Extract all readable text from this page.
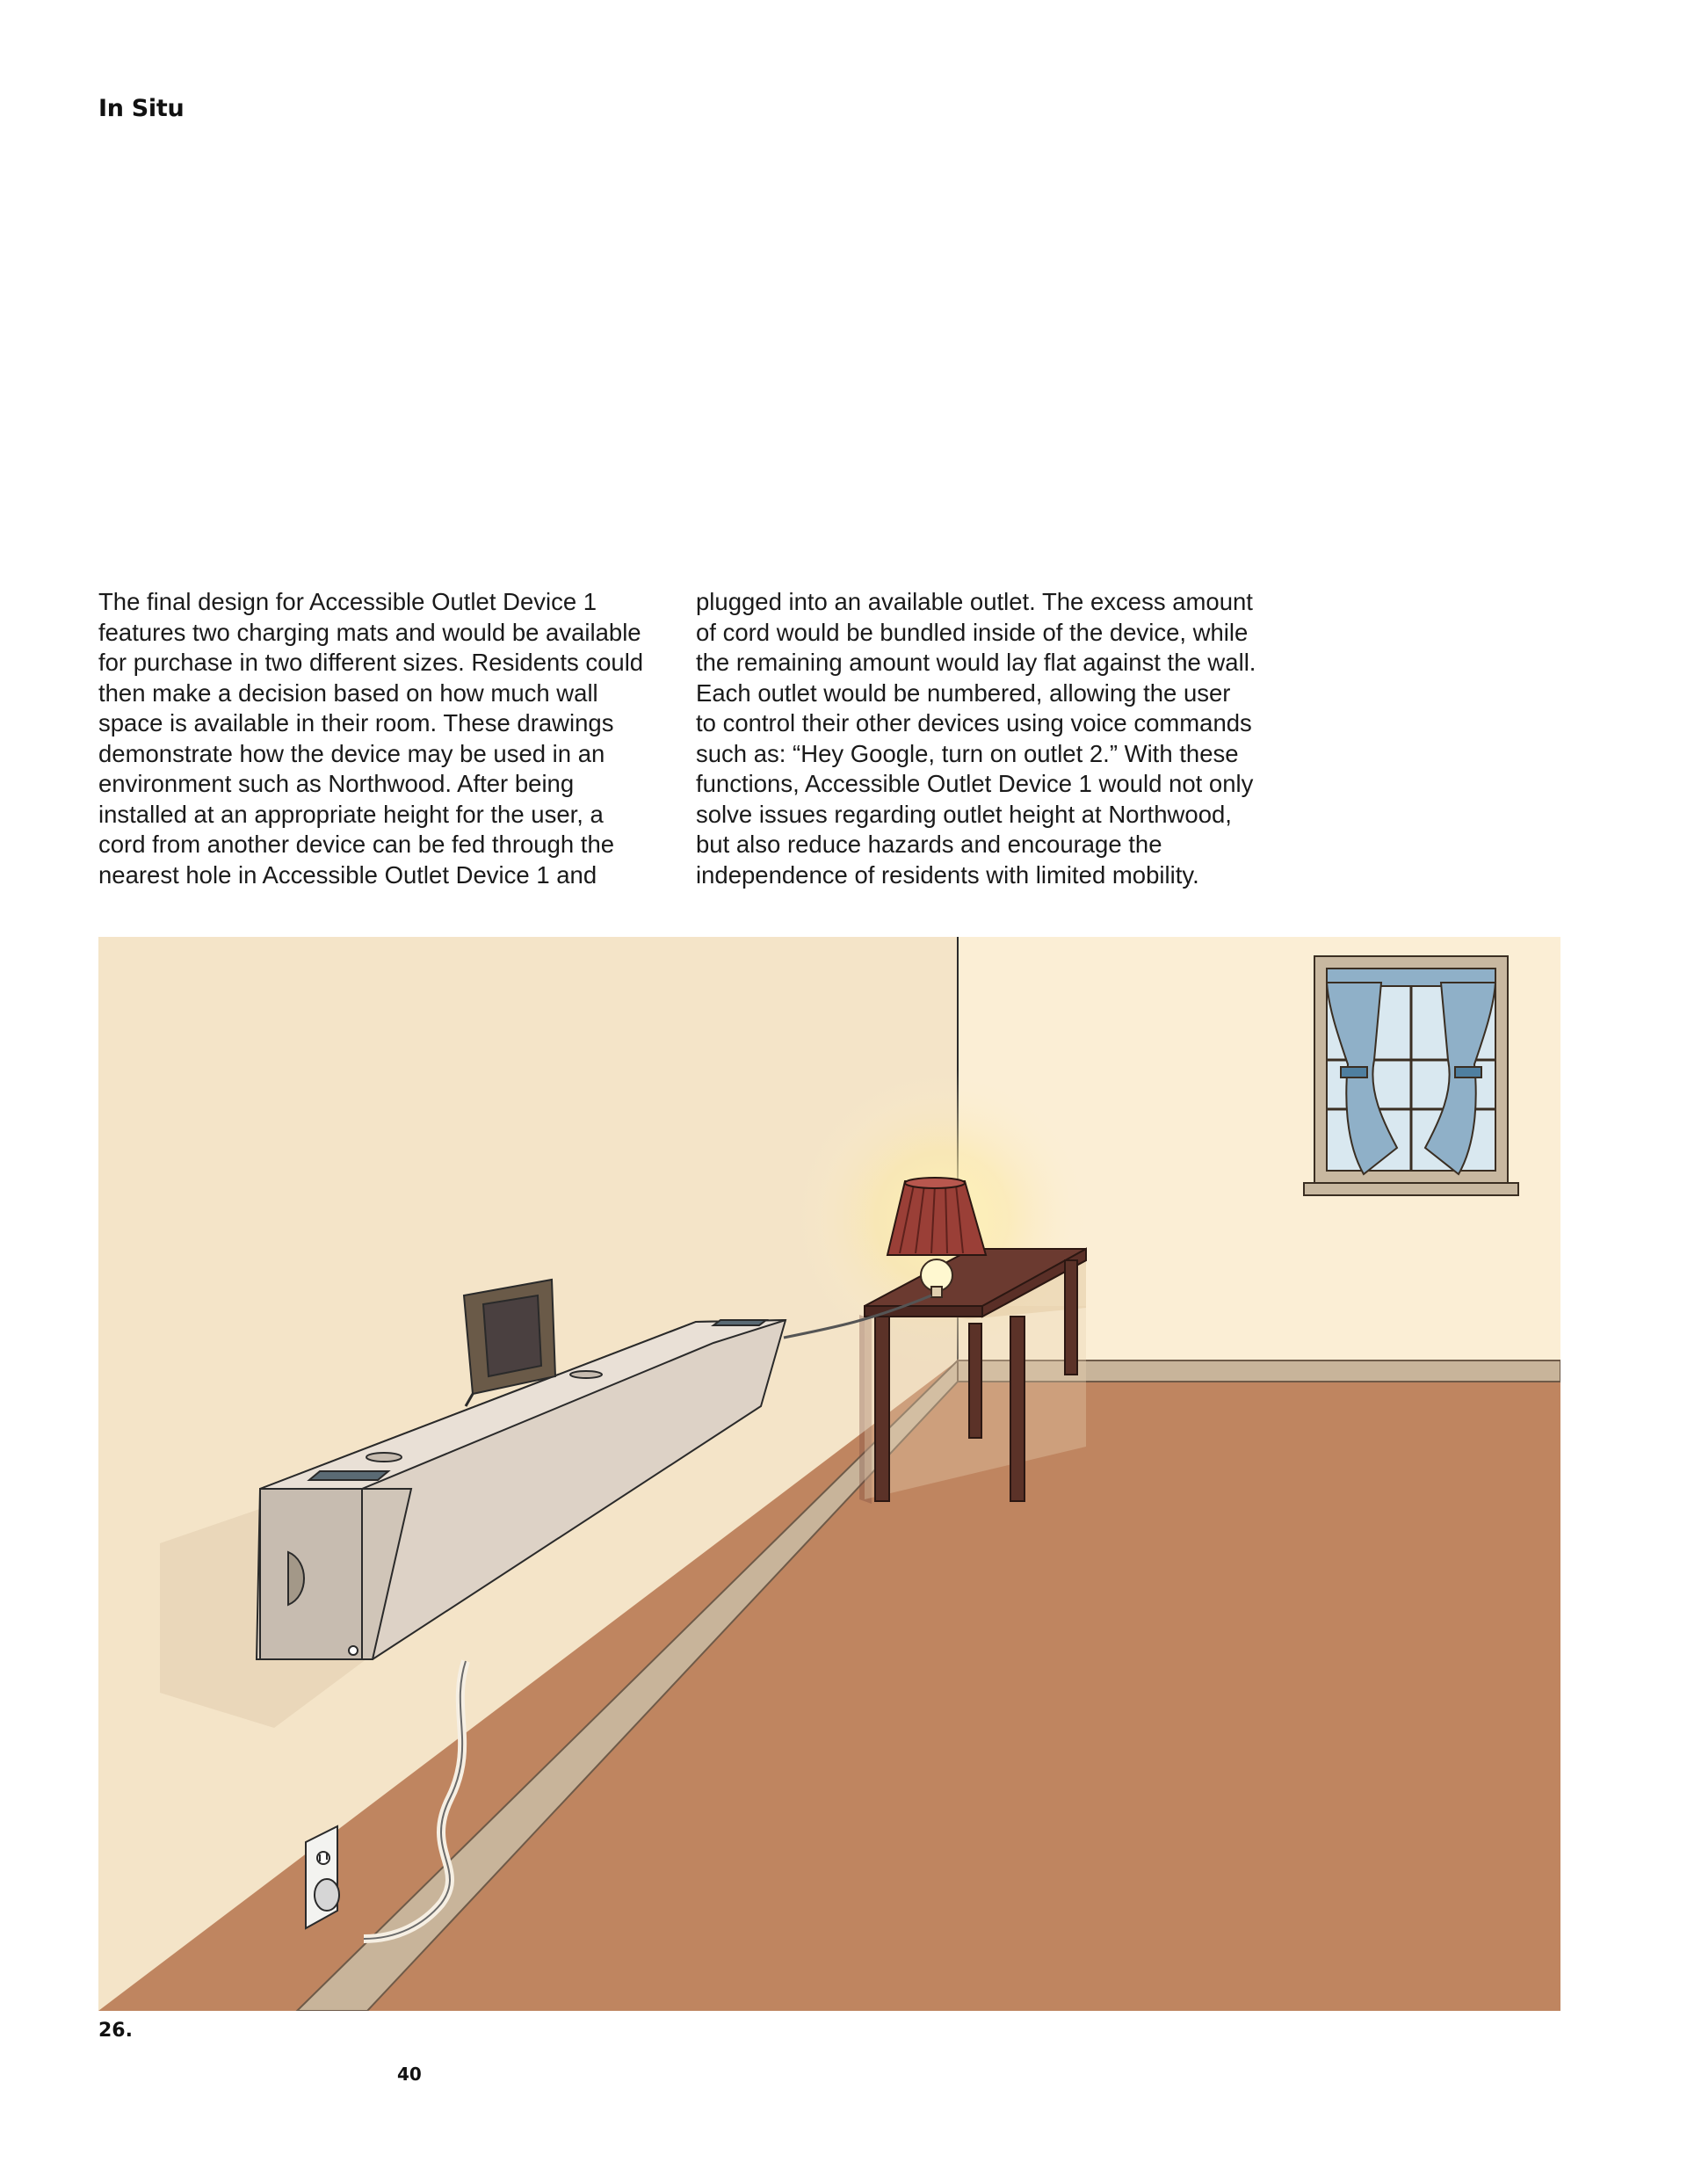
In Situ
The final design for Accessible Outlet Device 1
features two charging mats and would be available
for purchase in two different sizes. Residents could
then make a decision based on how much wall
space is available in their room. These drawings
demonstrate how the device may be used in an
environment such as Northwood. After being
installed at an appropriate height for the user, a
cord from another device can be fed through the
nearest hole in Accessible Outlet Device 1 and
plugged into an available outlet. The excess amount
of cord would be bundled inside of the device, while
the remaining amount would lay flat against the wall.
Each outlet would be numbered, allowing the user
to control their other devices using voice commands
such as: “Hey Google, turn on outlet 2.” With these
functions, Accessible Outlet Device 1 would not only
solve issues regarding outlet height at Northwood,
but also reduce hazards and encourage the
independence of residents with limited mobility.
26.
40
